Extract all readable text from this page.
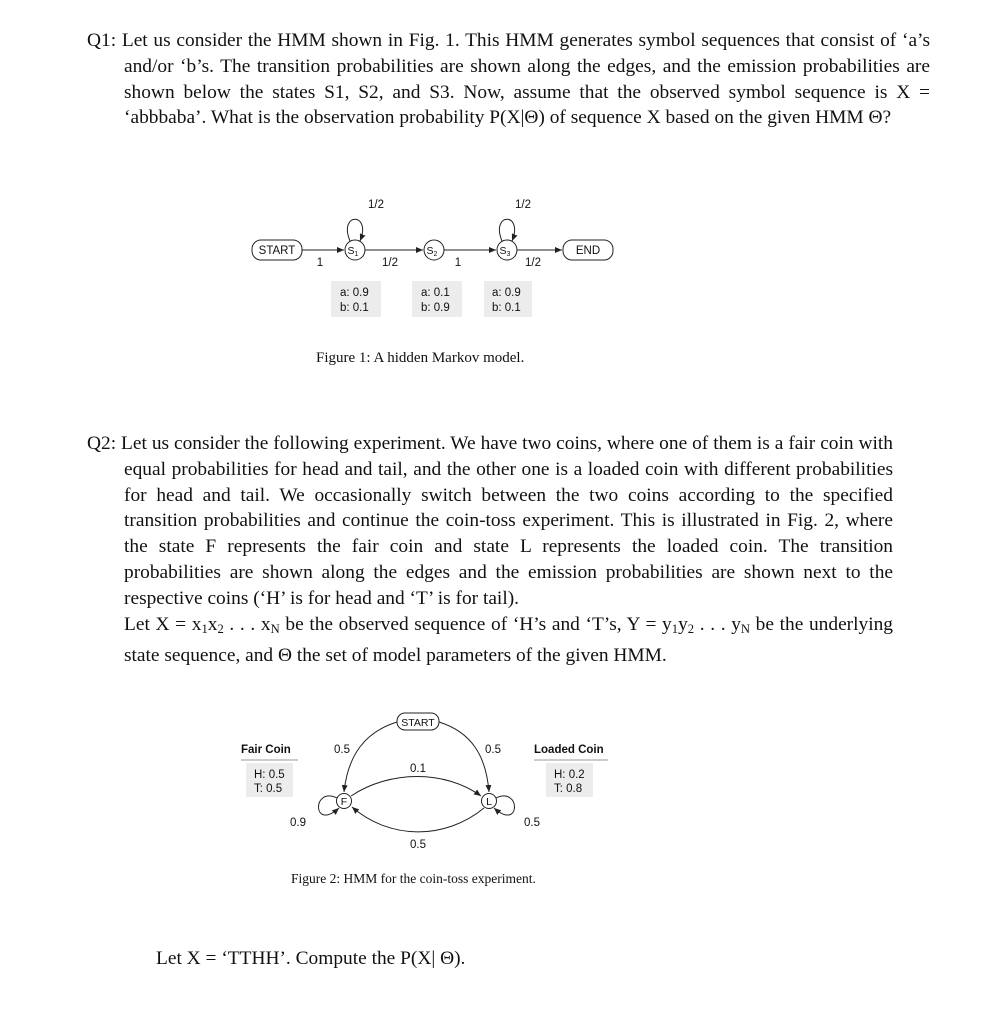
Q1: Let us consider the HMM shown in Fig. 1. This HMM generates symbol sequences that consist of ‘a’s and/or ‘b’s. The transition probabilities are shown along the edges, and the emission probabilities are shown below the states S1, S2, and S3. Now, assume that the observed symbol sequence is X = ‘abbbaba’. What is the observation probability P(X|Θ) of sequence X based on the given HMM Θ?

START	END
S1	S2	S3
1
1/2
1/2	1
1/2
1/2
a: 0.9
b: 0.1
a: 0.1
b: 0.9
a: 0.9
b: 0.1
START
F	L
0.5	0.5
0.1
0.5
0.9	0.5
Fair Coin
H: 0.5
T: 0.5
Loaded Coin
H: 0.2
T: 0.8
Figure 1: A hidden Markov model.

Q2: Let us consider the following experiment. We have two coins, where one of them is a fair coin with equal probabilities for head and tail, and the other one is a loaded coin with different probabilities for head and tail. We occasionally switch between the two coins according to the specified transition probabilities and continue the coin-toss experiment. This is illustrated in Fig. 2, where the state F represents the fair coin and state L represents the loaded coin. The transition probabilities are shown along the edges and the emission probabilities are shown next to the respective coins (‘H’ is for head and ‘T’ is for tail).

Let $X = x_1x_2$ . . . $x_N$ be the observed sequence of ‘H’s and ‘T’s, $Y = y_1y_2$ . . . $y_N$ be the underlying state sequence, and Θ the set of model parameters of the given HMM.

Figure 2: HMM for the coin-toss experiment.
Let X = ‘TTHH’. Compute the P(X| Θ).
